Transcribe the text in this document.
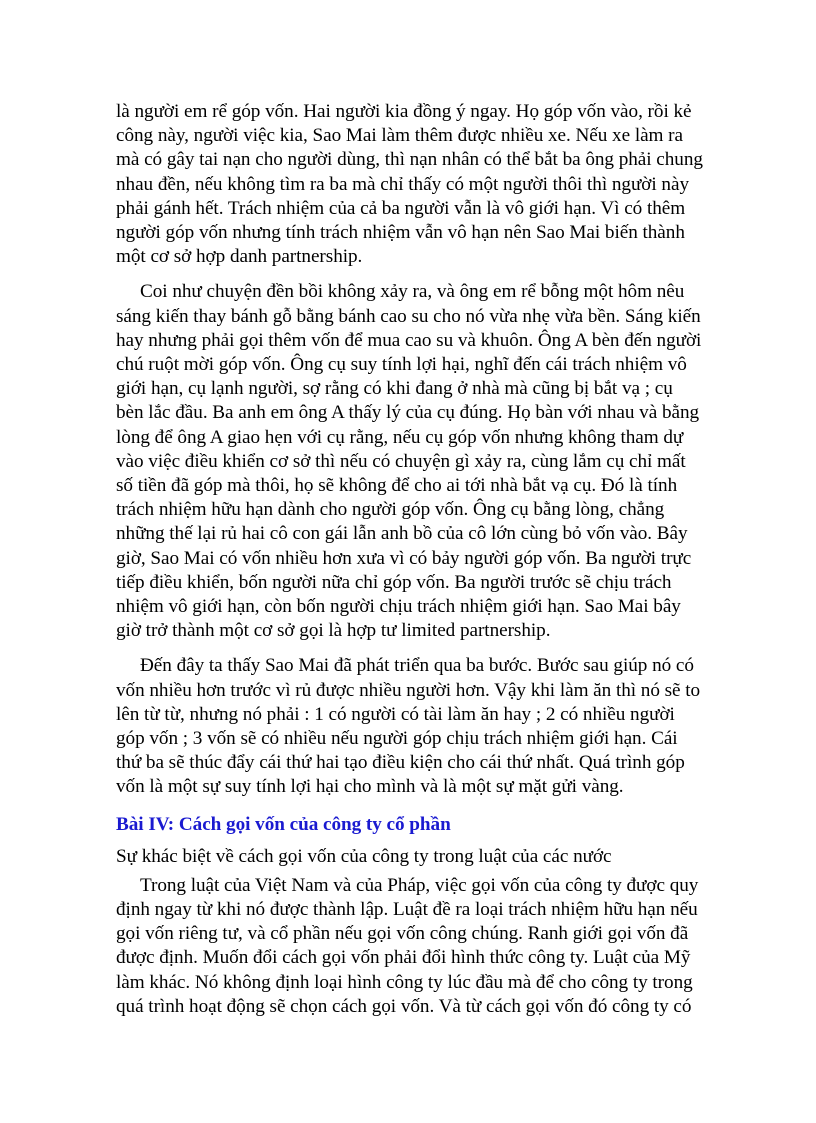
là người em rể góp vốn. Hai người kia đồng ý ngay. Họ góp vốn vào, rồi kẻ công này, người việc kia, Sao Mai làm thêm được nhiều xe. Nếu xe làm ra mà có gây tai nạn cho người dùng, thì nạn nhân có thể bắt ba ông phải chung nhau đền, nếu không tìm ra ba mà chỉ thấy có một người thôi thì người này phải gánh hết. Trách nhiệm của cả ba người vẫn là vô giới hạn. Vì có thêm người góp vốn nhưng tính trách nhiệm vẫn vô hạn nên Sao Mai biến thành một cơ sở hợp danh partnership.

Coi như chuyện đền bồi không xảy ra, và ông em rể bỗng một hôm nêu sáng kiến thay bánh gỗ bằng bánh cao su cho nó vừa nhẹ vừa bền. Sáng kiến hay nhưng phải gọi thêm vốn để mua cao su và khuôn. Ông A bèn đến người chú ruột mời góp vốn. Ông cụ suy tính lợi hại, nghĩ đến cái trách nhiệm vô giới hạn, cụ lạnh người, sợ rằng có khi đang ở nhà mà cũng bị bắt vạ ; cụ bèn lắc đầu. Ba anh em ông A thấy lý của cụ đúng. Họ bàn với nhau và bằng lòng để ông A giao hẹn với cụ rằng, nếu cụ góp vốn nhưng không tham dự vào việc điều khiển cơ sở thì nếu có chuyện gì xảy ra, cùng lắm cụ chỉ mất số tiền đã góp mà thôi, họ sẽ không để cho ai tới nhà bắt vạ cụ. Đó là tính trách nhiệm hữu hạn dành cho người góp vốn. Ông cụ bằng lòng, chẳng những thế lại rủ hai cô con gái lẫn anh bồ của cô lớn cùng bỏ vốn vào. Bây giờ, Sao Mai có vốn nhiều hơn xưa vì có bảy người góp vốn. Ba người trực tiếp điều khiển, bốn người nữa chỉ góp vốn. Ba người trước sẽ chịu trách nhiệm vô giới hạn, còn bốn người chịu trách nhiệm giới hạn. Sao Mai bây giờ trở thành một cơ sở gọi là hợp tư limited partnership.

Đến đây ta thấy Sao Mai đã phát triển qua ba bước. Bước sau giúp nó có vốn nhiều hơn trước vì rủ được nhiều người hơn. Vậy khi làm ăn thì nó sẽ to lên từ từ, nhưng nó phải : 1 có người có tài làm ăn hay ; 2 có nhiều người góp vốn ; 3 vốn sẽ có nhiều nếu người góp chịu trách nhiệm giới hạn. Cái thứ ba sẽ thúc đẩy cái thứ hai tạo điều kiện cho cái thứ nhất. Quá trình góp vốn là một sự suy tính lợi hại cho mình và là một sự mặt gửi vàng.

Bài IV: Cách gọi vốn của công ty cổ phần

Sự khác biệt về cách gọi vốn của công ty trong luật của các nước

Trong luật của Việt Nam và của Pháp, việc gọi vốn của công ty được quy định ngay từ khi nó được thành lập. Luật đề ra loại trách nhiệm hữu hạn nếu gọi vốn riêng tư, và cổ phần nếu gọi vốn công chúng. Ranh giới gọi vốn đã được định. Muốn đổi cách gọi vốn phải đổi hình thức công ty. Luật của Mỹ làm khác. Nó không định loại hình công ty lúc đầu mà để cho công ty trong quá trình hoạt động sẽ chọn cách gọi vốn. Và từ cách gọi vốn đó công ty có
